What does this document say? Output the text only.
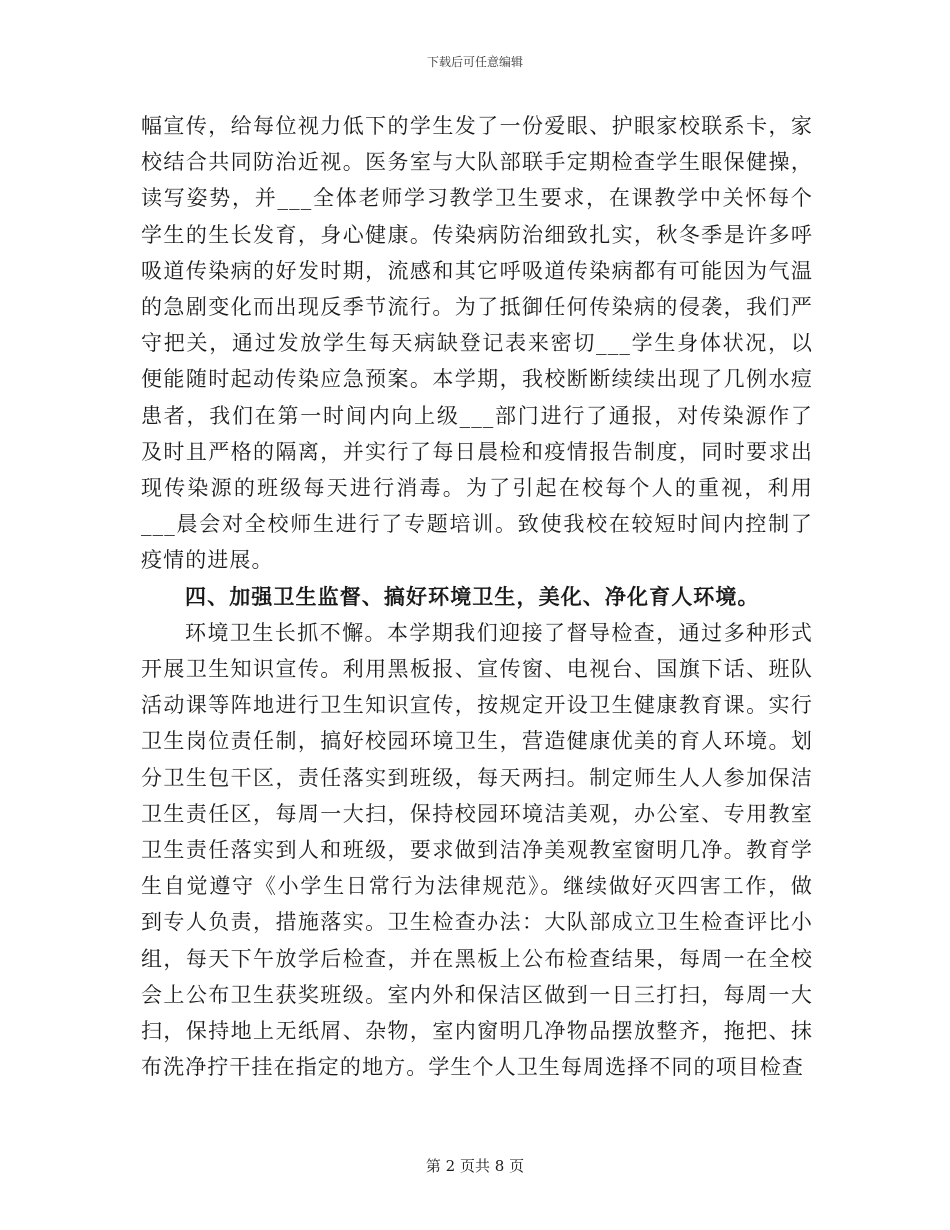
下载后可任意编辑

幅宣传，给每位视力低下的学生发了一份爱眼、护眼家校联系卡，家校结合共同防治近视。医务室与大队部联手定期检查学生眼保健操，读写姿势，并___全体老师学习教学卫生要求，在课教学中关怀每个学生的生长发育，身心健康。传染病防治细致扎实，秋冬季是许多呼吸道传染病的好发时期，流感和其它呼吸道传染病都有可能因为气温的急剧变化而出现反季节流行。为了抵御任何传染病的侵袭，我们严守把关，通过发放学生每天病缺登记表来密切___学生身体状况，以便能随时起动传染应急预案。本学期，我校断断续续出现了几例水痘患者，我们在第一时间内向上级___部门进行了通报，对传染源作了及时且严格的隔离，并实行了每日晨检和疫情报告制度，同时要求出现传染源的班级每天进行消毒。为了引起在校每个人的重视，利用___晨会对全校师生进行了专题培训。致使我校在较短时间内控制了疫情的进展。

四、加强卫生监督、搞好环境卫生，美化、净化育人环境。

环境卫生长抓不懈。本学期我们迎接了督导检查，通过多种形式开展卫生知识宣传。利用黑板报、宣传窗、电视台、国旗下话、班队活动课等阵地进行卫生知识宣传，按规定开设卫生健康教育课。实行卫生岗位责任制，搞好校园环境卫生，营造健康优美的育人环境。划分卫生包干区，责任落实到班级，每天两扫。制定师生人人参加保洁卫生责任区，每周一大扫，保持校园环境洁美观，办公室、专用教室卫生责任落实到人和班级，要求做到洁净美观教室窗明几净。教育学生自觉遵守《小学生日常行为法律规范》。继续做好灭四害工作，做到专人负责，措施落实。卫生检查办法：大队部成立卫生检查评比小组，每天下午放学后检查，并在黑板上公布检查结果，每周一在全校会上公布卫生获奖班级。室内外和保洁区做到一日三打扫，每周一大扫，保持地上无纸屑、杂物，室内窗明几净物品摆放整齐，拖把、抹布洗净拧干挂在指定的地方。学生个人卫生每周选择不同的项目检查

第 2 页共 8 页
